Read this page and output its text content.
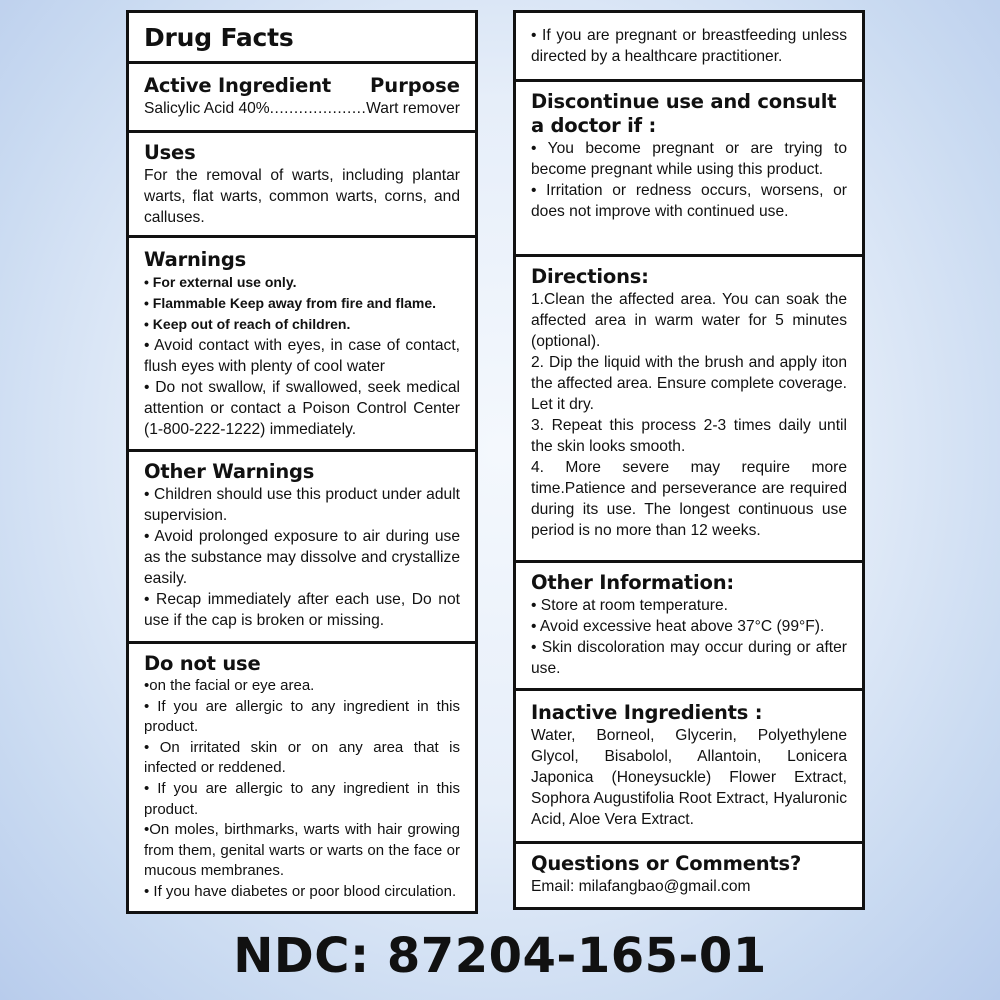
Drug Facts
Active Ingredient Purpose
Salicylic Acid 40%
.....	Wart remover
Uses
For the removal of warts, including plantar warts, flat warts, common warts, corns, and calluses.
Warnings

• For external use only.

• Flammable Keep away from fire and flame.

• Keep out of reach of children.

• Avoid contact with eyes, in case of contact, flush eyes with plenty of cool water

• Do not swallow, if swallowed, seek medical attention or contact a Poison Control Center (1-800-222-1222) immediately.

Other Warnings

• Children should use this product under adult supervision.

• Avoid prolonged exposure to air during use as the substance may dissolve and crystallize easily.

• Recap immediately after each use, Do not use if the cap is broken or missing.

Do not use

•on the facial or eye area.

• If you are allergic to any ingredient in this product.

• On irritated skin or on any area that is infected or reddened.

• If you are allergic to any ingredient in this product.

•On moles, birthmarks, warts with hair growing from them, genital warts or warts on the face or mucous membranes.

• If you have diabetes or poor blood circulation.

• If you are pregnant or breastfeeding unless directed by a healthcare practitioner.
Discontinue use and consult a doctor if :

• You become pregnant or are trying to become pregnant while using this product.

• Irritation or redness occurs, worsens, or does not improve with continued use.

Directions:

1.Clean the affected area. You can soak the affected area in warm water for 5 minutes (optional).

2. Dip the liquid with the brush and apply iton the affected area. Ensure complete coverage. Let it dry.

3. Repeat this process 2-3 times daily until the skin looks smooth.

4. More severe may require more time.Patience and perseverance are required during its use. The longest continuous use period is no more than 12 weeks.

Other Information:

• Store at room temperature.

• Avoid excessive heat above 37°C (99°F).

• Skin discoloration may occur during or after use.

Inactive Ingredients :
Water, Borneol, Glycerin, Polyethylene Glycol, Bisabolol, Allantoin, Lonicera Japonica (Honeysuckle) Flower Extract, Sophora Augustifolia Root Extract, Hyaluronic Acid, Aloe Vera Extract.
Questions or Comments?
Email: milafangbao@gmail.com
NDC: 87204-165-01
